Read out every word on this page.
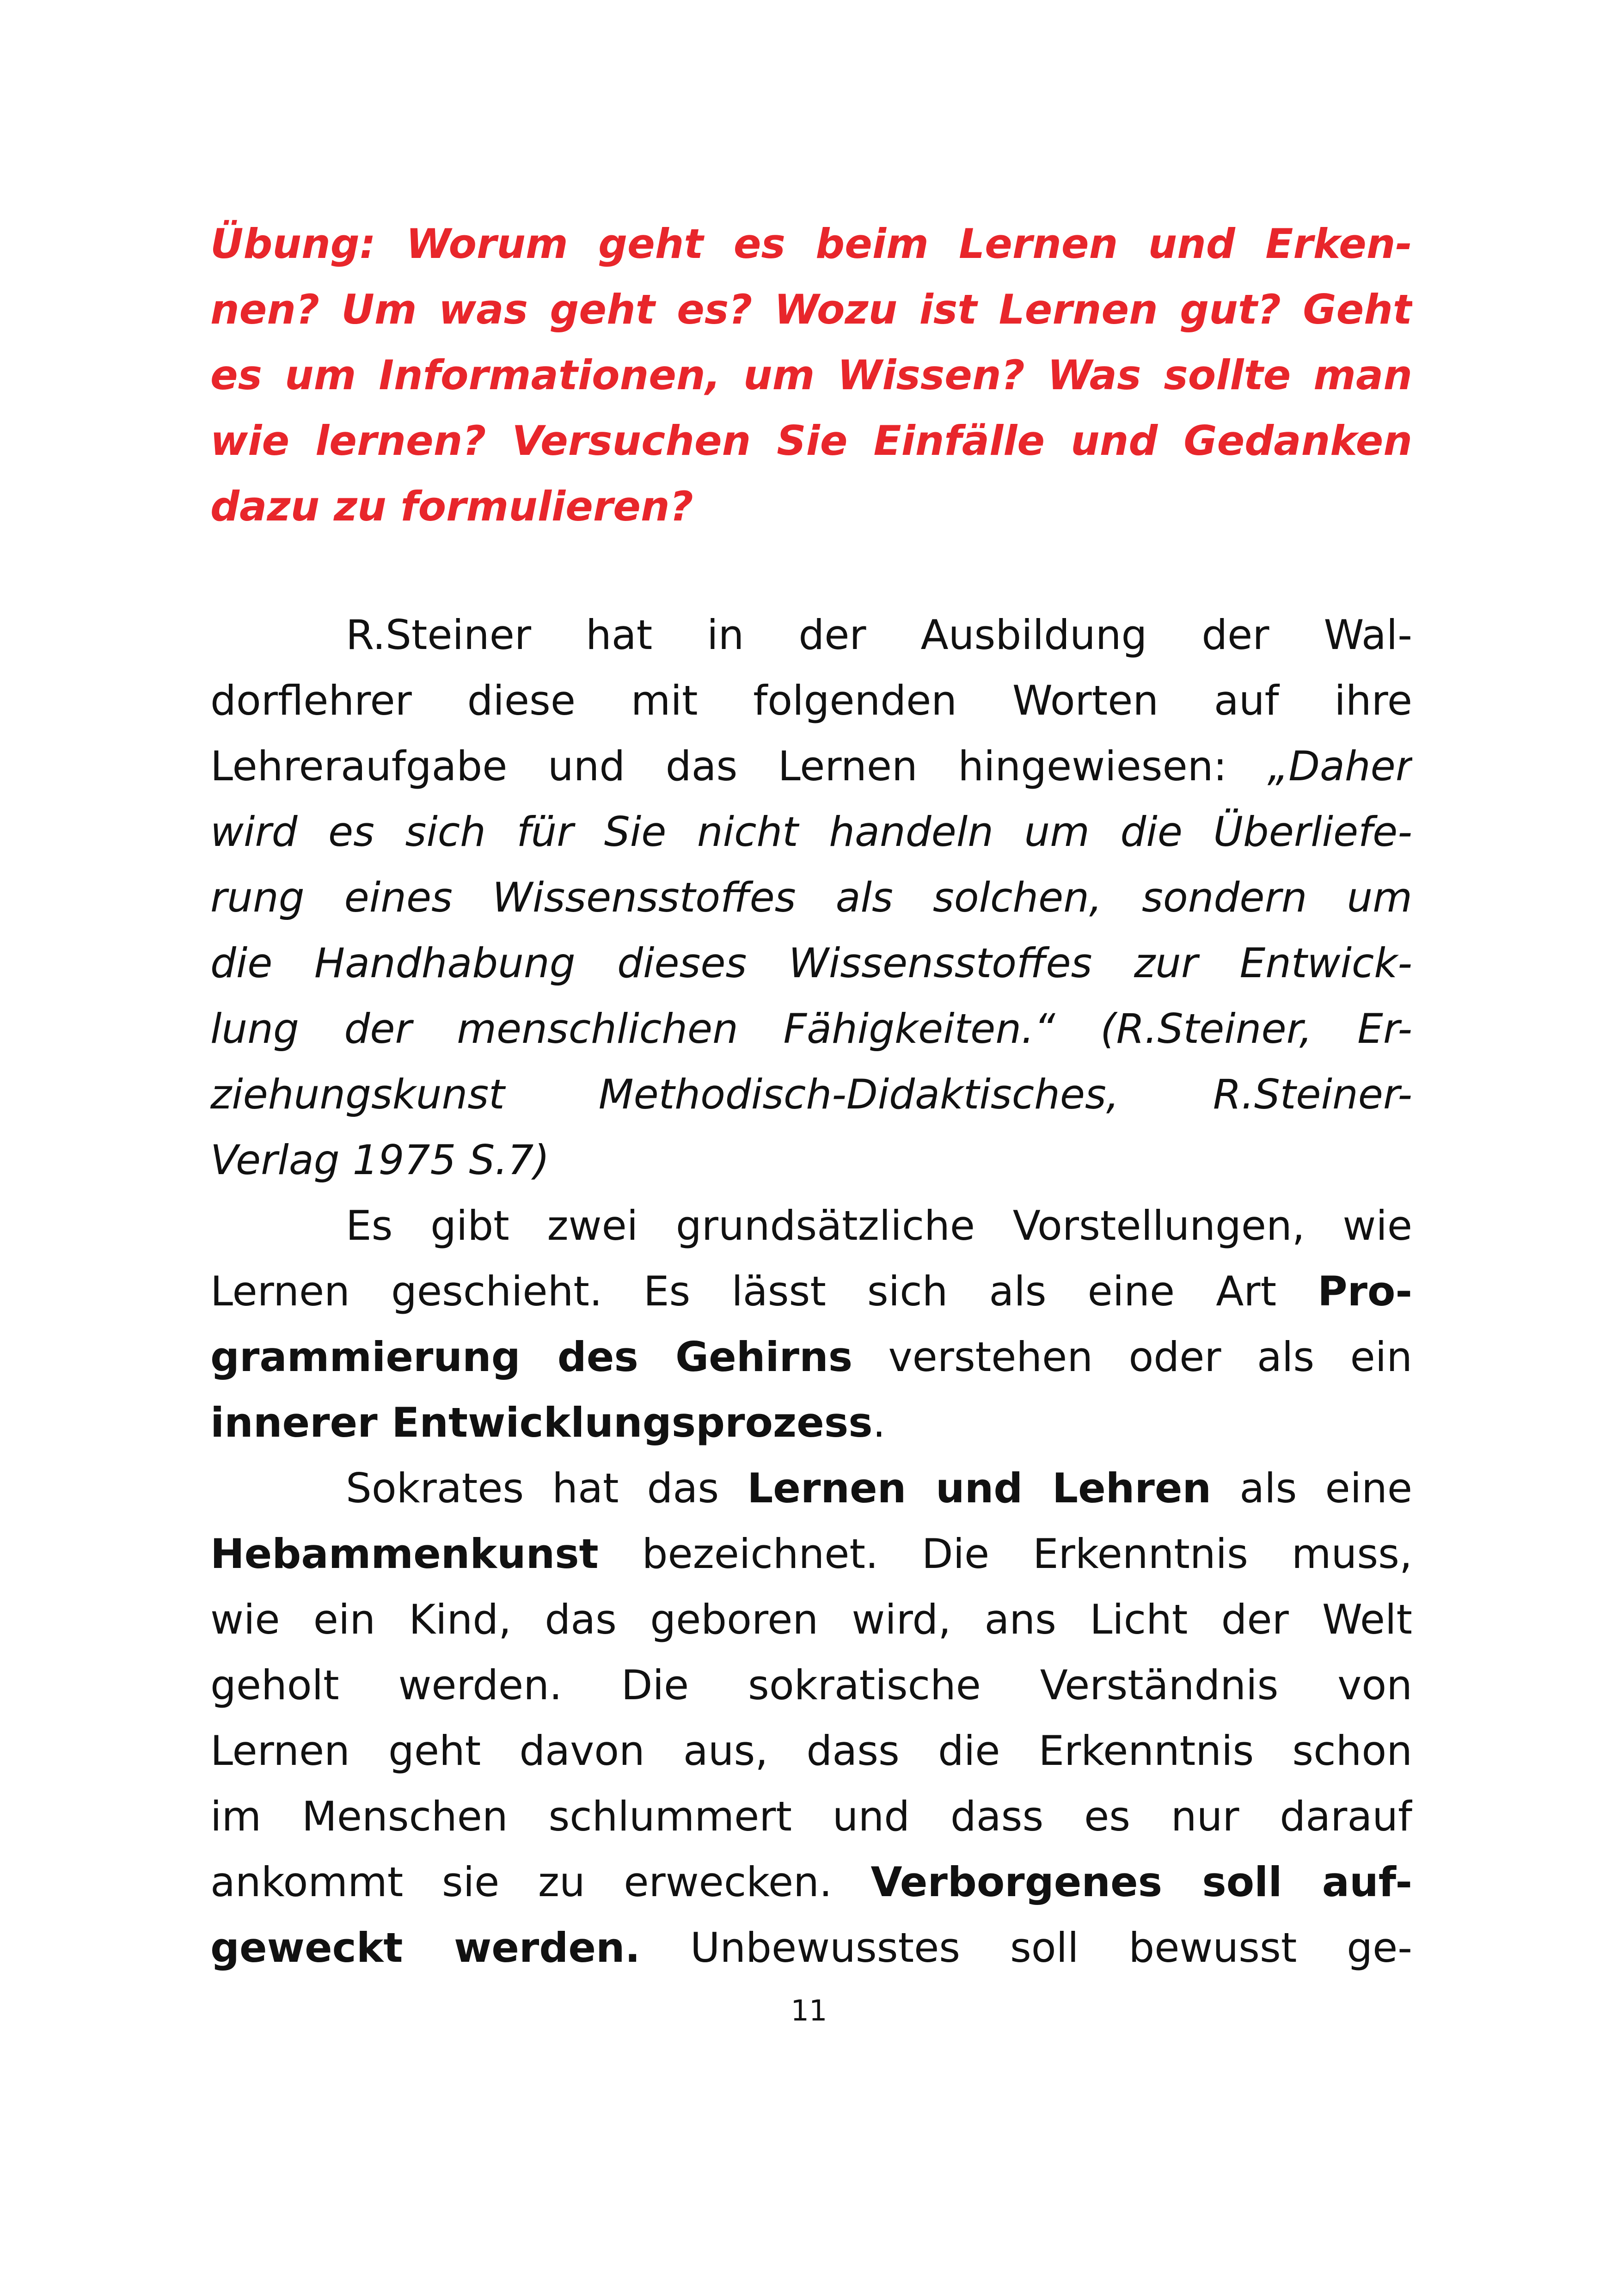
Übung: Worum geht es beim Lernen und Erken-
nen? Um was geht es? Wozu ist Lernen gut? Geht
es um Informationen, um Wissen? Was sollte man
wie lernen? Versuchen Sie Einfälle und Gedanken
dazu zu formulieren?
R.Steiner hat in der Ausbildung der Wal-
dorflehrer diese mit folgenden Worten auf ihre
Lehreraufgabe und das Lernen hingewiesen: „Daher
wird es sich für Sie nicht handeln um die Überliefe-
rung eines Wissensstoffes als solchen, sondern um
die Handhabung dieses Wissensstoffes zur Entwick-
lung der menschlichen Fähigkeiten.“ (R.Steiner, Er-
ziehungskunst Methodisch-Didaktisches, R.Steiner-
Verlag 1975 S.7)
Es gibt zwei grundsätzliche Vorstellungen, wie
Lernen geschieht. Es lässt sich als eine Art Pro-
grammierung des Gehirns verstehen oder als ein
innerer Entwicklungsprozess.
Sokrates hat das Lernen und Lehren als eine
Hebammenkunst bezeichnet. Die Erkenntnis muss,
wie ein Kind, das geboren wird, ans Licht der Welt
geholt werden. Die sokratische Verständnis von
Lernen geht davon aus, dass die Erkenntnis schon
im Menschen schlummert und dass es nur darauf
ankommt sie zu erwecken. Verborgenes soll auf-
geweckt werden. Unbewusstes soll bewusst ge-
11
